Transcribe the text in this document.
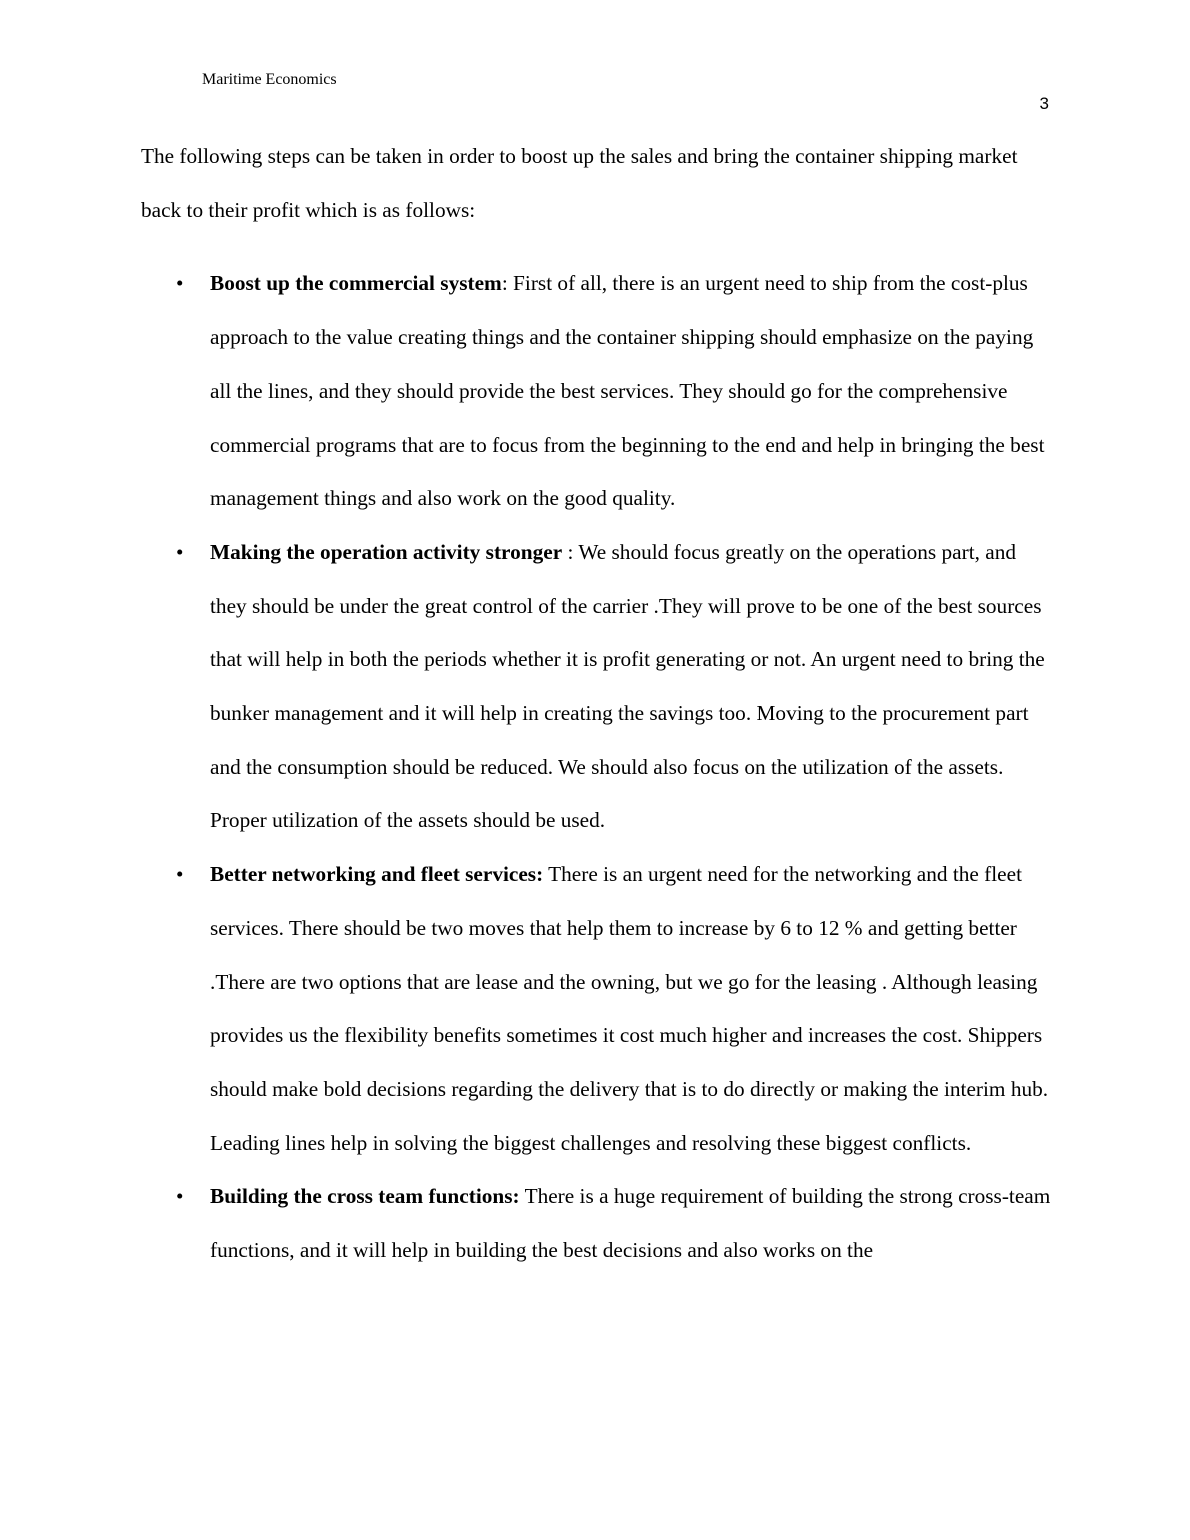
Maritime Economics
3

The following steps can be taken in order to boost up the sales and bring the container shipping market back to their profit which is as follows:

• Boost up the commercial system: First of all, there is an urgent need to ship from the cost-plus approach to the value creating things and the container shipping should emphasize on the paying all the lines, and they should provide the best services. They should go for the comprehensive commercial programs that are to focus from the beginning to the end and help in bringing the best management things and also work on the good quality.
• Making the operation activity stronger : We should focus greatly on the operations part, and they should be under the great control of the carrier .They will prove to be one of the best sources that will help in both the periods whether it is profit generating or not. An urgent need to bring the bunker management and it will help in creating the savings too. Moving to the procurement part and the consumption should be reduced. We should also focus on the utilization of the assets. Proper utilization of the assets should be used.
• Better networking and fleet services: There is an urgent need for the networking and the fleet services. There should be two moves that help them to increase by 6 to 12 % and getting better .There are two options that are lease and the owning, but we go for the leasing . Although leasing provides us the flexibility benefits sometimes it cost much higher and increases the cost. Shippers should make bold decisions regarding the delivery that is to do directly or making the interim hub. Leading lines help in solving the biggest challenges and resolving these biggest conflicts.
• Building the cross team functions: There is a huge requirement of building the strong cross-team functions, and it will help in building the best decisions and also works on the
